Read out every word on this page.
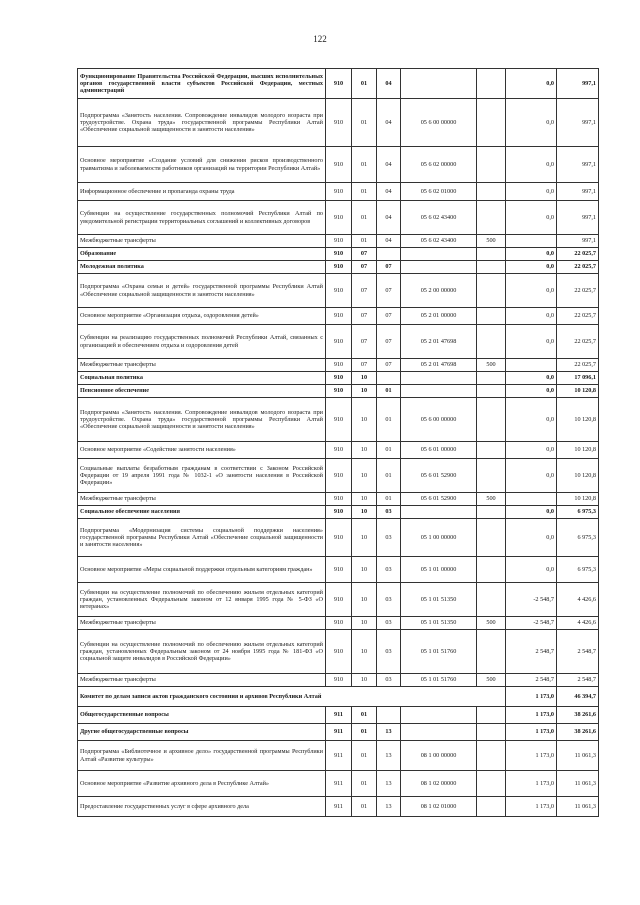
122
Функционирование Правительства Российской Федерации, высших исполнительных органов государственной власти субъектов Российской Федерации, местных администраций	910	01	04			0,0	997,1
Подпрограмма «Занятость населения. Сопровождение инвалидов молодого возраста при трудоустройстве. Охрана труда» государственной программы Республики Алтай «Обеспечение социальной защищенности и занятости населения»	910	01	04	05 6 00 00000		0,0	997,1
Основное мероприятие «Создание условий для снижения рисков производственного травматизма и заболеваемости работников организаций на территории Республики Алтай»	910	01	04	05 6 02 00000		0,0	997,1
Информационное обеспечение и пропаганда охраны труда	910	01	04	05 6 02 01000		0,0	997,1
Субвенции на осуществление государственных полномочий Республики Алтай по уведомительной регистрации территориальных соглашений и коллективных договоров	910	01	04	05 6 02 43400		0,0	997,1
Межбюджетные трансферты	910	01	04	05 6 02 43400	500		997,1
Образование	910	07				0,0	22 025,7
Молодежная политика	910	07	07			0,0	22 025,7
Подпрограмма «Охрана семьи и детей» государственной программы Республики Алтай «Обеспечение социальной защищенности и занятости населения»	910	07	07	05 2 00 00000		0,0	22 025,7
Основное мероприятие «Организация отдыха, оздоровления детей»	910	07	07	05 2 01 00000		0,0	22 025,7
Субвенции на реализацию государственных полномочий Республики Алтай, связанных с организацией и обеспечением отдыха и оздоровления детей	910	07	07	05 2 01 47698		0,0	22 025,7
Межбюджетные трансферты	910	07	07	05 2 01 47698	500		22 025,7
Социальная политика	910	10				0,0	17 096,1
Пенсионное обеспечение	910	10	01			0,0	10 120,8
Подпрограмма «Занятость населения. Сопровождение инвалидов молодого возраста при трудоустройстве. Охрана труда» государственной программы Республики Алтай «Обеспечение социальной защищенности и занятости населения»	910	10	01	05 6 00 00000		0,0	10 120,8
Основное мероприятие «Содействие занятости населения»	910	10	01	05 6 01 00000		0,0	10 120,8
Социальные выплаты безработным гражданам в соответствии с Законом Российской Федерации от 19 апреля 1991 года № 1032-1 «О занятости населения в Российской Федерации»	910	10	01	05 6 01 52900		0,0	10 120,8
Межбюджетные трансферты	910	10	01	05 6 01 52900	500		10 120,8
Социальное обеспечение населения	910	10	03			0,0	6 975,3
Подпрограмма «Модернизация системы социальной поддержки населения» государственной программы Республики Алтай «Обеспечение социальной защищенности и занятости населения»	910	10	03	05 1 00 00000		0,0	6 975,3
Основное мероприятие «Меры социальной поддержки отдельным категориям граждан»	910	10	03	05 1 01 00000		0,0	6 975,3
Субвенции на осуществление полномочий по обеспечению жильем отдельных категорий граждан, установленных Федеральным законом от 12 января 1995 года № 5-ФЗ «О ветеранах»	910	10	03	05 1 01 51350		-2 548,7	4 426,6
Межбюджетные трансферты	910	10	03	05 1 01 51350	500	-2 548,7	4 426,6
Субвенции на осуществление полномочий по обеспечению жильем отдельных категорий граждан, установленных Федеральным законом от 24 ноября 1995 года № 181-ФЗ «О социальной защите инвалидов в Российской Федерации»	910	10	03	05 1 01 51760		2 548,7	2 548,7
Межбюджетные трансферты	910	10	03	05 1 01 51760	500	2 548,7	2 548,7
Комитет по делам записи актов гражданского состояния и архивов Республики Алтай						1 173,0	46 394,7
Общегосударственные вопросы	911	01				1 173,0	38 261,6
Другие общегосударственные вопросы	911	01	13			1 173,0	38 261,6
Подпрограмма «Библиотечное и архивное дело» государственной программы Республики Алтай «Развитие культуры»	911	01	13	08 1 00 00000		1 173,0	11 061,3
Основное мероприятие «Развитие архивного дела в Республике Алтай»	911	01	13	08 1 02 00000		1 173,0	11 061,3
Предоставление государственных услуг в сфере архивного дела	911	01	13	08 1 02 01000		1 173,0	11 061,3
